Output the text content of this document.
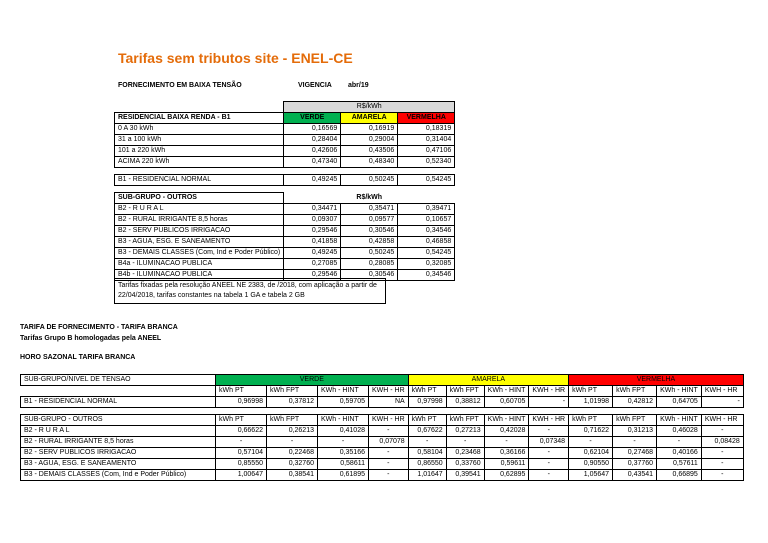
Tarifas sem tributos site - ENEL-CE
FORNECIMENTO EM BAIXA TENSÃO	VIGENCIA abr/19
	R$/kWh		
RESIDENCIAL BAIXA RENDA - B1	VERDE	AMARELA	VERMELHA
0 A 30 kWh	0,16569	0,16919	0,18319
31 a 100 kWh	0,28404	0,29004	0,31404
101 a 220 kWh	0,42606	0,43506	0,47106
ACIMA 220 kWh	0,47340	0,48340	0,52340

B1 - RESIDENCIAL NORMAL	0,49245	0,50245	0,54245

SUB-GRUPO - OUTROS		R$/kWh	
B2 - R U R A L	0,34471	0,35471	0,39471
B2 - RURAL IRRIGANTE 8,5 horas	0,09307	0,09577	0,10657
B2 - SERV PUBLICOS IRRIGACAO	0,29546	0,30546	0,34546
B3 - AGUA, ESG. E SANEAMENTO	0,41858	0,42858	0,46858
B3 - DEMAIS CLASSES (Com, Ind e Poder Público)	0,49245	0,50245	0,54245
B4a - ILUMINACAO PUBLICA	0,27085	0,28085	0,32085
B4b - ILUMINACAO PUBLICA	0,29546	0,30546	0,34546
Tarifas fixadas pela resolução ANEEL NE 2383, de /2018, com aplicação a partir de 22/04/2018, tarifas constantes na tabela 1 GA e tabela 2 GB
TARIFA DE FORNECIMENTO - TARIFA BRANCA
Tarifas Grupo B homologadas pela ANEEL
HORO SAZONAL TARIFA BRANCA
SUB-GRUPO/NIVEL DE TENSAO	VERDE				AMARELA				VERMELHA			
	kWh PT	kWh FPT	KWh - HINT	KWH - HR	kWh PT	kWh FPT	KWh - HINT	KWH - HR	kWh PT	kWh FPT	KWh - HINT	KWH - HR
B1 - RESIDENCIAL NORMAL	0,96998	0,37812	0,59705	NA	0,97998	0,38812	0,60705	-	1,01998	0,42812	0,64705	-

SUB-GRUPO - OUTROS	kWh PT	kWh FPT	KWh - HINT	KWH - HR	kWh PT	kWh FPT	KWh - HINT	KWH - HR	kWh PT	kWh FPT	KWh - HINT	KWH - HR
B2 - R U R A L	0,66622	0,26213	0,41028	-	0,67622	0,27213	0,42028	-	0,71622	0,31213	0,46028	-
B2 - RURAL IRRIGANTE 8,5 horas	-	-	-	0,07078	-	-	-	0,07348	-	-	-	0,08428
B2 - SERV PUBLICOS IRRIGACAO	0,57104	0,22468	0,35166	-	0,58104	0,23468	0,36166	-	0,62104	0,27468	0,40166	-
B3 - AGUA, ESG. E SANEAMENTO	0,85550	0,32760	0,58611	-	0,86550	0,33760	0,59611	-	0,90550	0,37760	0,57611	-
B3 - DEMAIS CLASSES (Com, Ind e Poder Público)	1,00647	0,38541	0,61895	-	1,01647	0,39541	0,62895	-	1,05647	0,43541	0,66895	-
